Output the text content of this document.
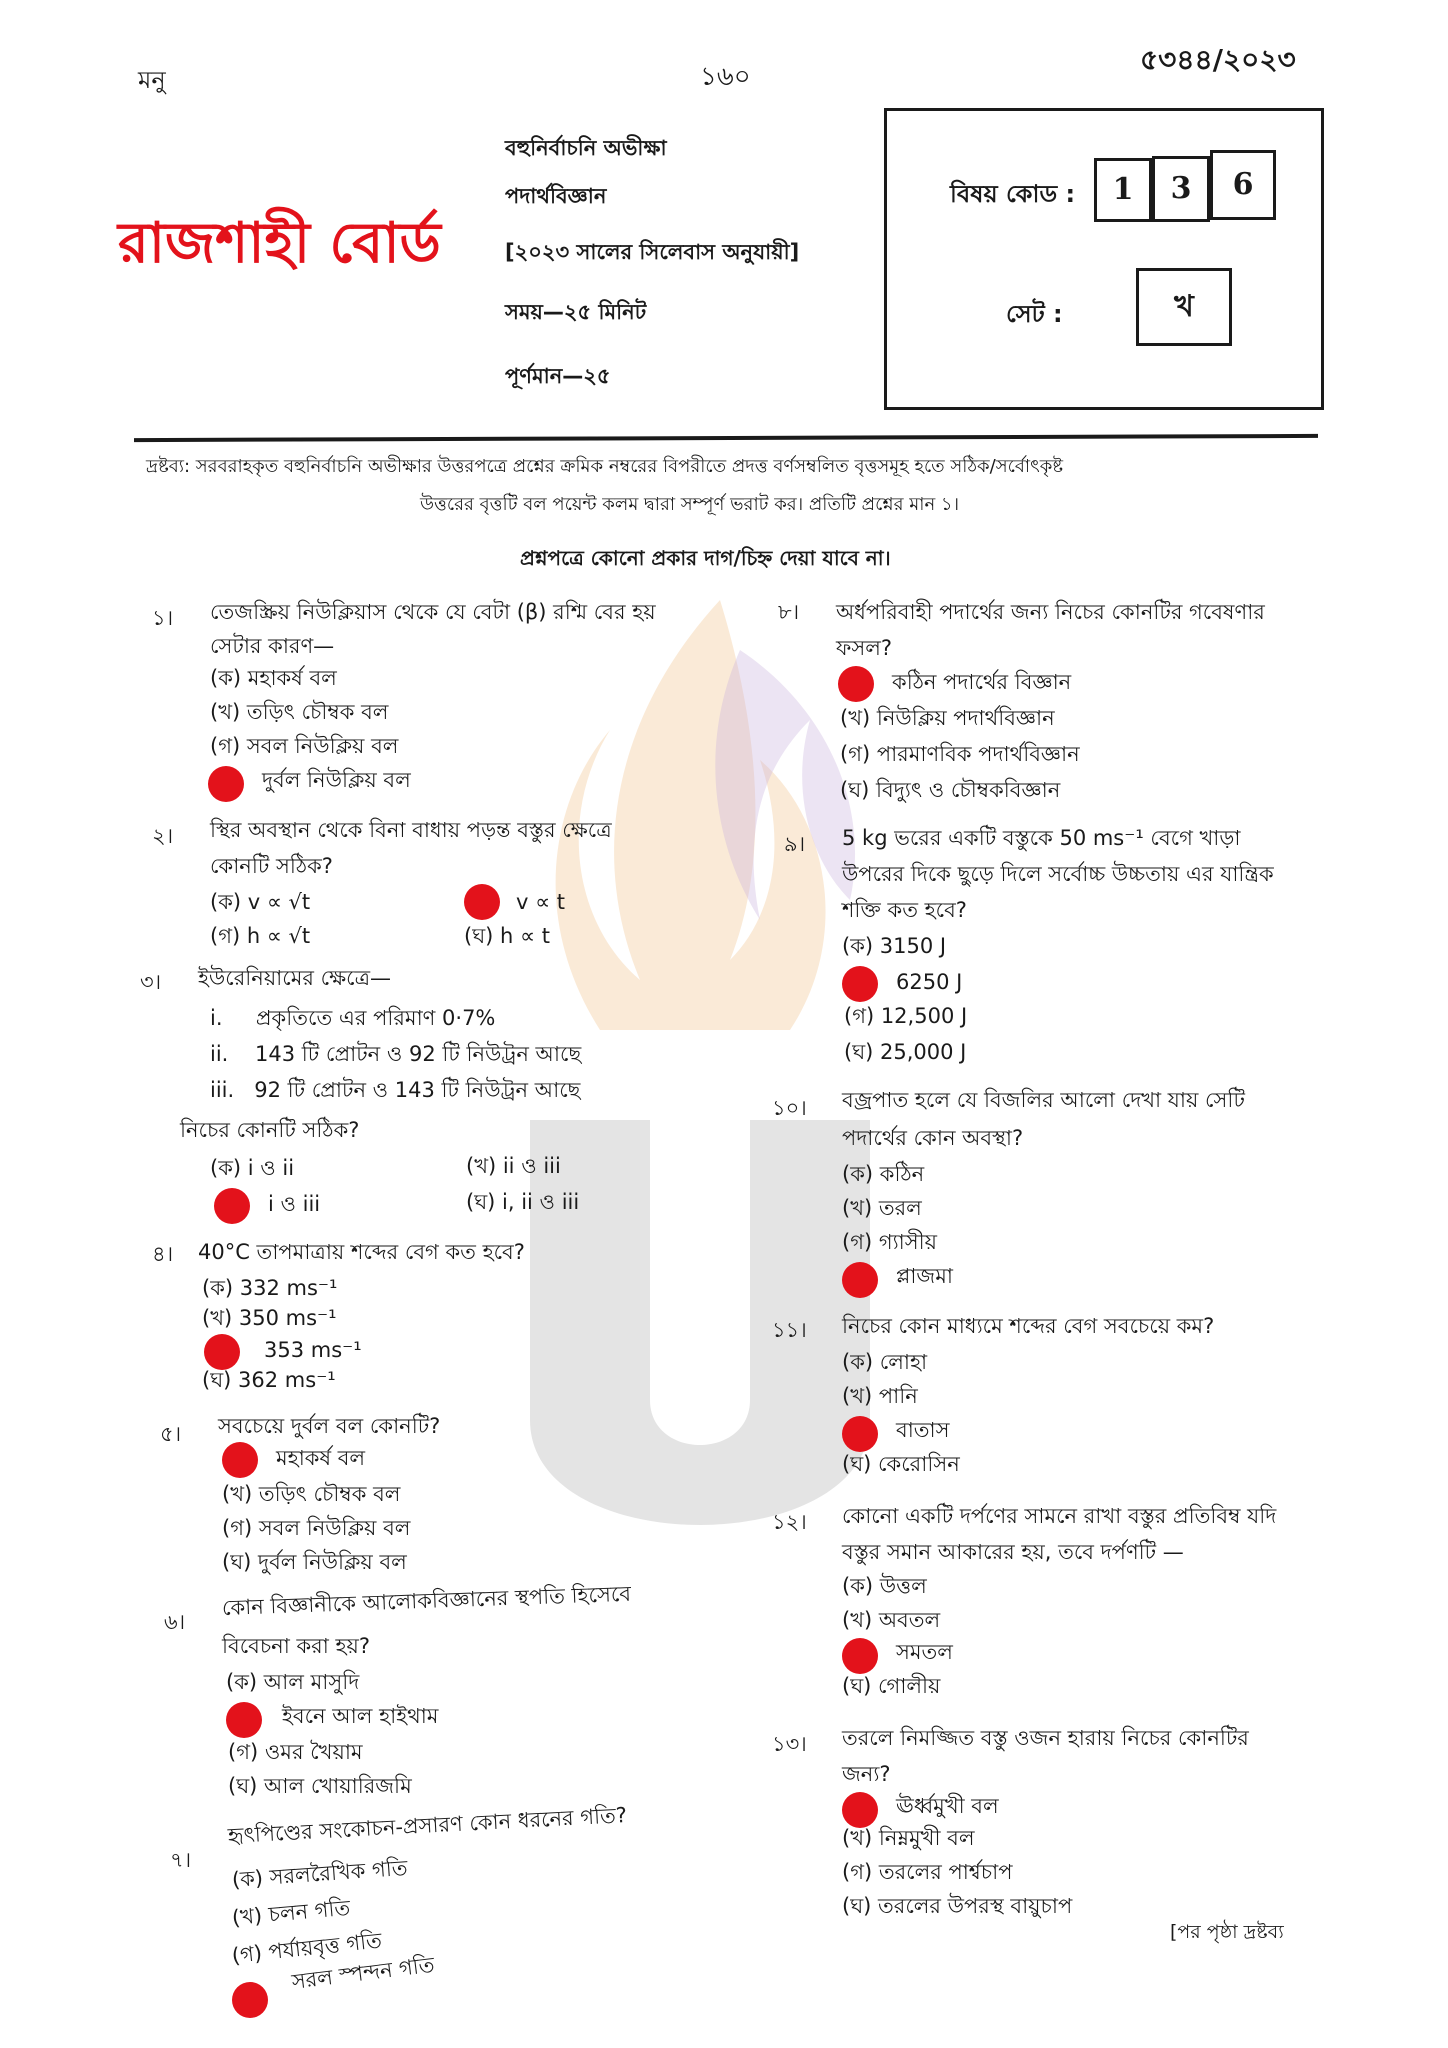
মনু	১৬০
৫৩৪৪/২০২৩
রাজশাহী বোর্ড
বহুনির্বাচনি অভীক্ষা
পদার্থবিজ্ঞান
[২০২৩ সালের সিলেবাস অনুযায়ী]
সময়—২৫ মিনিট
পূর্ণমান—২৫
বিষয় কোড :	1	3	6
সেট :	খ
দ্রষ্টব্য: সরবরাহকৃত বহুনির্বাচনি অভীক্ষার উত্তরপত্রে প্রশ্নের ক্রমিক নম্বরের বিপরীতে প্রদত্ত বর্ণসম্বলিত বৃত্তসমূহ হতে সঠিক/সর্বোৎকৃষ্ট
উত্তরের বৃত্তটি বল পয়েন্ট কলম দ্বারা সম্পূর্ণ ভরাট কর। প্রতিটি প্রশ্নের মান ১।
প্রশ্নপত্রে কোনো প্রকার দাগ/চিহ্ন দেয়া যাবে না।
১। তেজস্ক্রিয় নিউক্লিয়াস থেকে যে বেটা (β) রশ্মি বের হয়
সেটার কারণ—
(ক) মহাকর্ষ বল
(খ) তড়িৎ চৌম্বক বল
(গ) সবল নিউক্লিয় বল
দুর্বল নিউক্লিয় বল
২। স্থির অবস্থান থেকে বিনা বাধায় পড়ন্ত বস্তুর ক্ষেত্রে
কোনটি সঠিক?
(ক) v ∝ √t	v ∝ t
(গ) h ∝ √t	(ঘ) h ∝ t
৩। ইউরেনিয়ামের ক্ষেত্রে—
i.     প্রকৃতিতে এর পরিমাণ 0·7%
ii.    143 টি প্রোটন ও 92 টি নিউট্রন আছে
iii.   92 টি প্রোটন ও 143 টি নিউট্রন আছে
নিচের কোনটি সঠিক?
(ক) i ও ii	(খ) ii ও iii
i ও iii	(ঘ) i, ii ও iii
৪। 40°C তাপমাত্রায় শব্দের বেগ কত হবে?
(ক) 332 ms⁻¹
(খ) 350 ms⁻¹
353 ms⁻¹
(ঘ) 362 ms⁻¹
৫। সবচেয়ে দুর্বল বল কোনটি?
মহাকর্ষ বল
(খ) তড়িৎ চৌম্বক বল
(গ) সবল নিউক্লিয় বল
(ঘ) দুর্বল নিউক্লিয় বল
৬।
কোন বিজ্ঞানীকে আলোকবিজ্ঞানের স্থপতি হিসেবে
বিবেচনা করা হয়?
(ক) আল মাসুদি
ইবনে আল হাইথাম
(গ) ওমর খৈয়াম
(ঘ) আল খোয়ারিজমি
৭।
হৃৎপিণ্ডের সংকোচন-প্রসারণ কোন ধরনের গতি?
(ক) সরলরৈখিক গতি
(খ) চলন গতি
(গ) পর্যায়বৃত্ত গতি
সরল স্পন্দন গতি
৮। অর্ধপরিবাহী পদার্থের জন্য নিচের কোনটির গবেষণার
ফসল?
কঠিন পদার্থের বিজ্ঞান
(খ) নিউক্লিয় পদার্থবিজ্ঞান
(গ) পারমাণবিক পদার্থবিজ্ঞান
(ঘ) বিদ্যুৎ ও চৌম্বকবিজ্ঞান
৯। 5 kg ভরের একটি বস্তুকে 50 ms⁻¹ বেগে খাড়া
উপরের দিকে ছুড়ে দিলে সর্বোচ্চ উচ্চতায় এর যান্ত্রিক
শক্তি কত হবে?
(ক) 3150 J
6250 J
(গ) 12,500 J
(ঘ) 25,000 J
১০। বজ্রপাত হলে যে বিজলির আলো দেখা যায় সেটি
পদার্থের কোন অবস্থা?
(ক) কঠিন
(খ) তরল
(গ) গ্যাসীয়
প্লাজমা
১১। নিচের কোন মাধ্যমে শব্দের বেগ সবচেয়ে কম?
(ক) লোহা
(খ) পানি
বাতাস
(ঘ) কেরোসিন
১২। কোনো একটি দর্পণের সামনে রাখা বস্তুর প্রতিবিম্ব যদি
বস্তুর সমান আকারের হয়, তবে দর্পণটি —
(ক) উত্তল
(খ) অবতল
সমতল
(ঘ) গোলীয়
১৩। তরলে নিমজ্জিত বস্তু ওজন হারায় নিচের কোনটির
জন্য?
ঊর্ধ্বমুখী বল
(খ) নিম্নমুখী বল
(গ) তরলের পার্শ্বচাপ
(ঘ) তরলের উপরস্থ বায়ুচাপ
[পর পৃষ্ঠা দ্রষ্টব্য
